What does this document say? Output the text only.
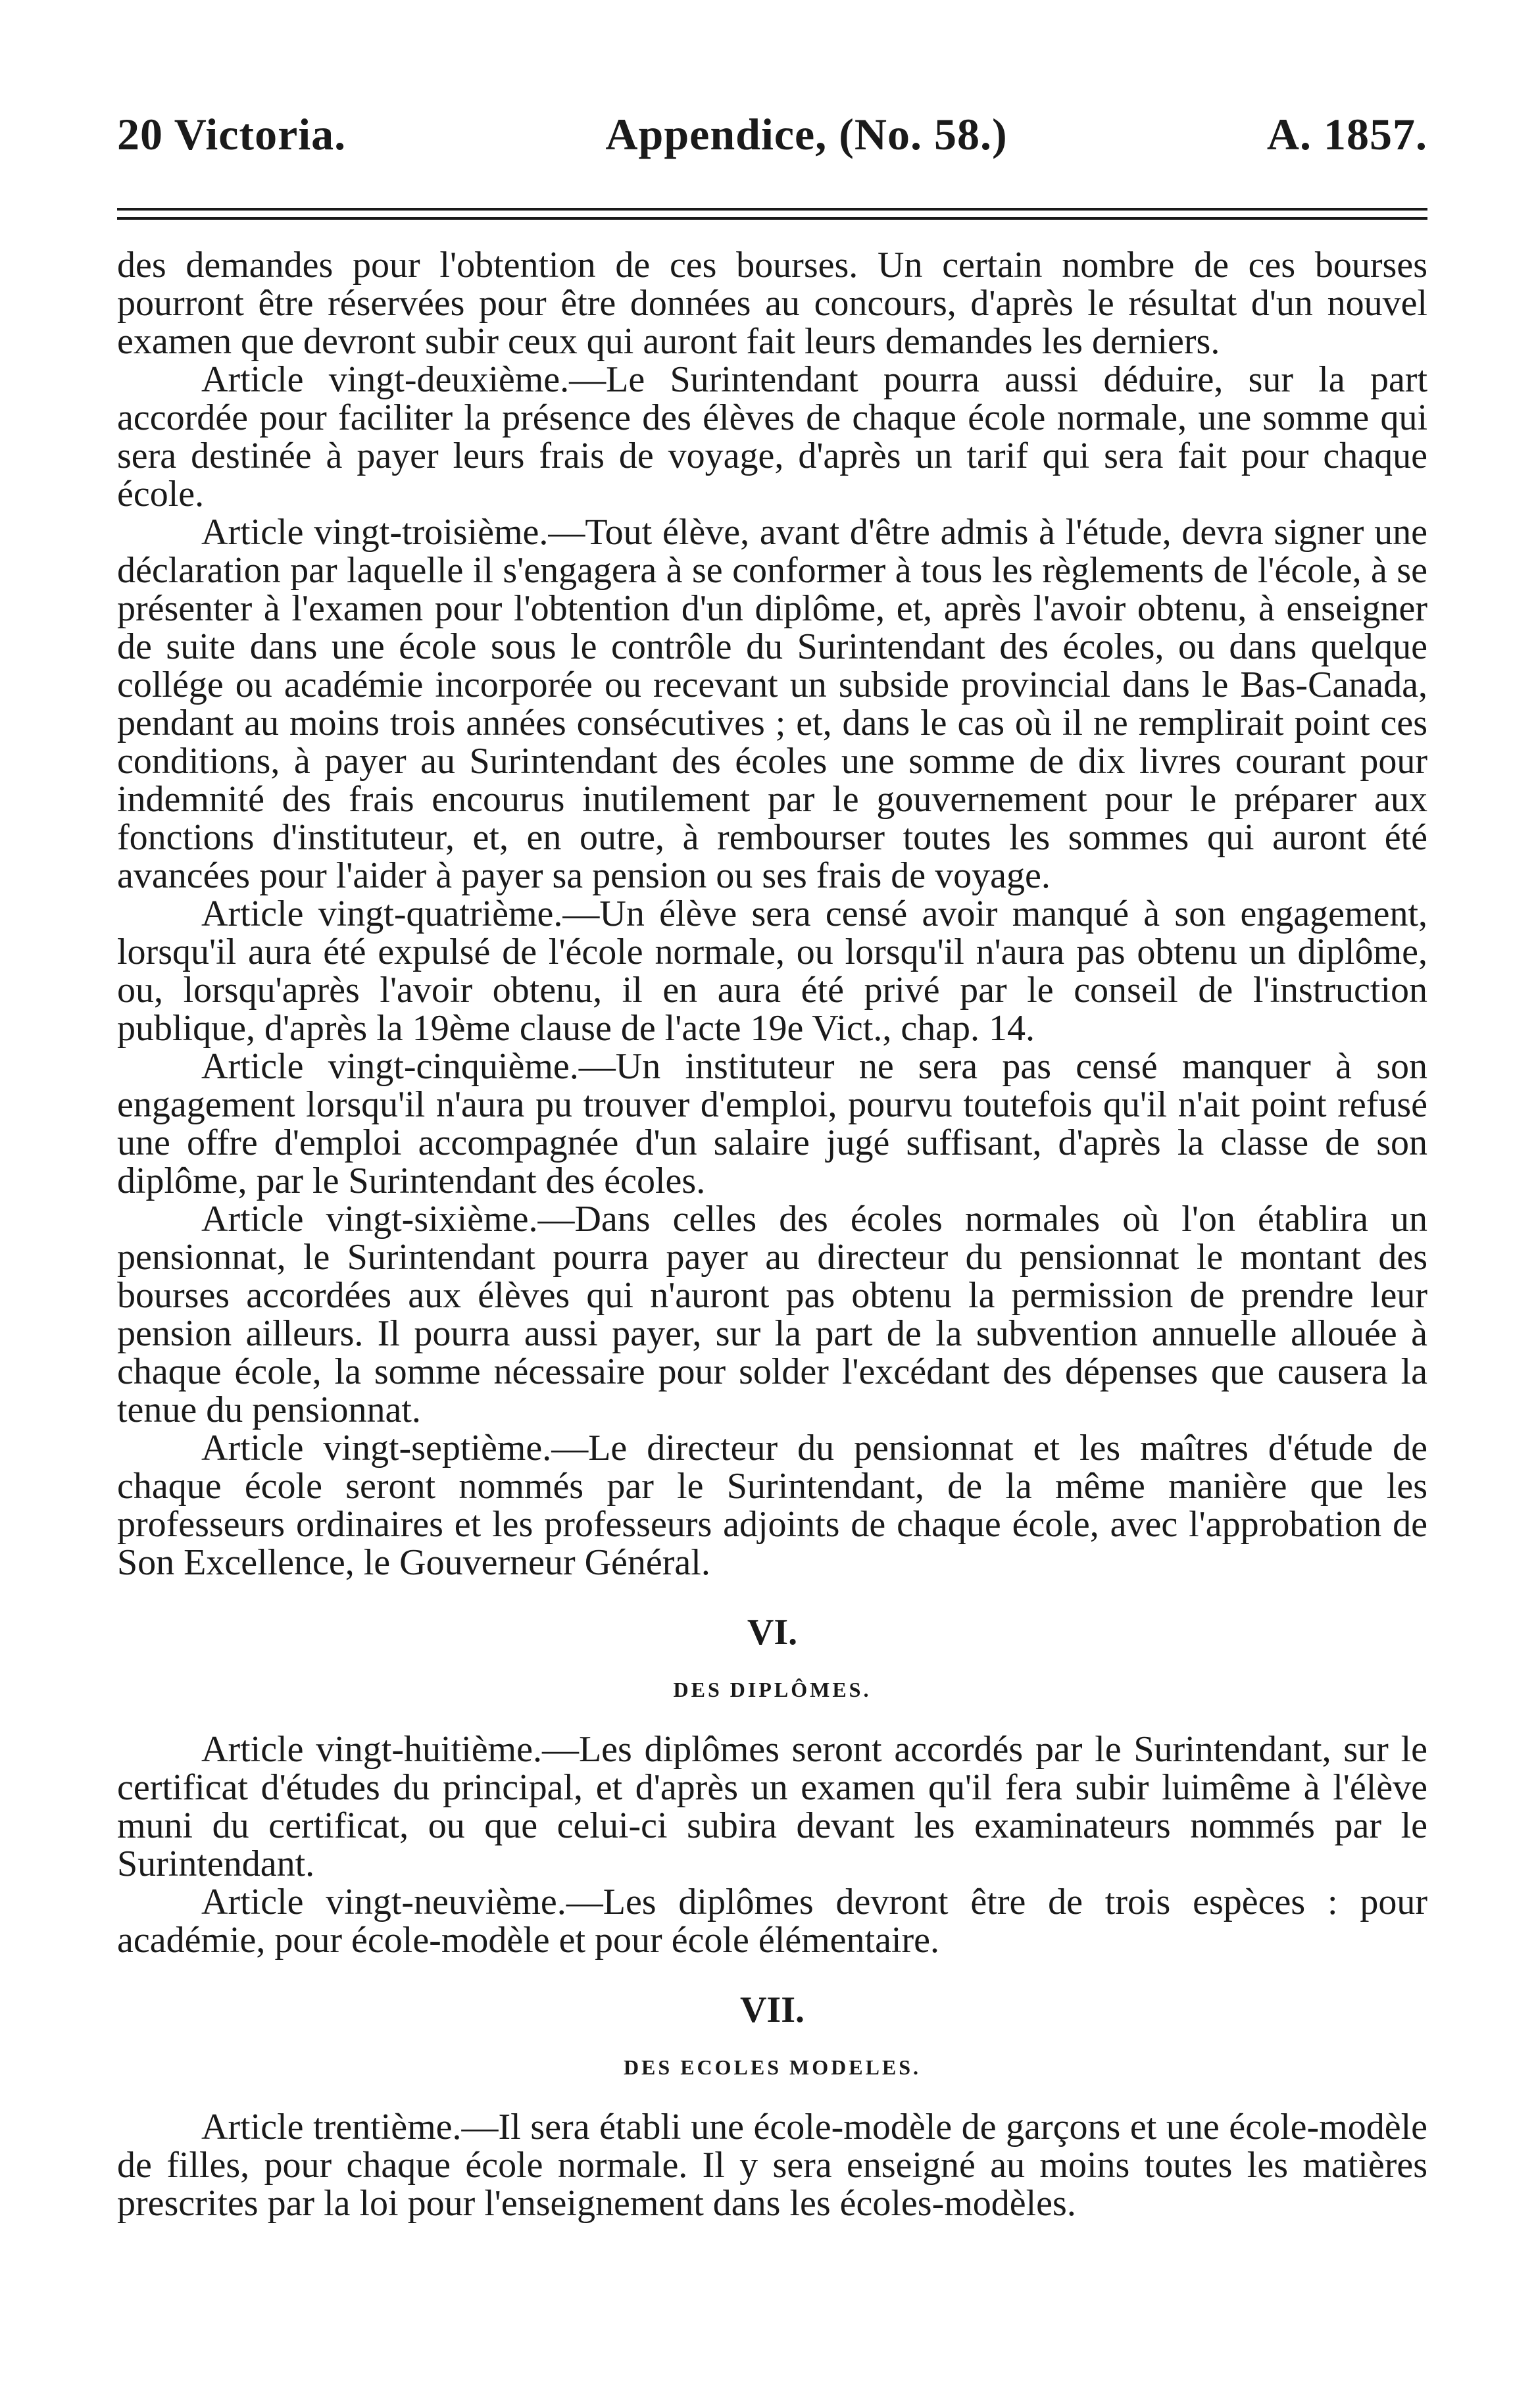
20 Victoria.	Appendice, (No. 58.)	A. 1857.

des demandes pour l'obtention de ces bourses. Un certain nombre de ces bourses pourront être réservées pour être données au concours, d'après le résultat d'un nouvel examen que devront subir ceux qui auront fait leurs demandes les derniers.

Article vingt-deuxième.—Le Surintendant pourra aussi déduire, sur la part accordée pour faciliter la présence des élèves de chaque école normale, une somme qui sera destinée à payer leurs frais de voyage, d'après un tarif qui sera fait pour chaque école.

Article vingt-troisième.—Tout élève, avant d'être admis à l'étude, devra signer une déclaration par laquelle il s'engagera à se conformer à tous les règlements de l'école, à se présenter à l'examen pour l'obtention d'un diplôme, et, après l'avoir obtenu, à enseigner de suite dans une école sous le contrôle du Surintendant des écoles, ou dans quelque collége ou académie incorporée ou recevant un subside provincial dans le Bas-Canada, pendant au moins trois années consécutives ; et, dans le cas où il ne remplirait point ces conditions, à payer au Surintendant des écoles une somme de dix livres courant pour indemnité des frais encourus inutilement par le gouvernement pour le préparer aux fonctions d'instituteur, et, en outre, à rembourser toutes les sommes qui auront été avancées pour l'aider à payer sa pension ou ses frais de voyage.

Article vingt-quatrième.—Un élève sera censé avoir manqué à son engagement, lorsqu'il aura été expulsé de l'école normale, ou lorsqu'il n'aura pas obtenu un diplôme, ou, lorsqu'après l'avoir obtenu, il en aura été privé par le conseil de l'instruction publique, d'après la 19ème clause de l'acte 19e Vict., chap. 14.

Article vingt-cinquième.—Un instituteur ne sera pas censé manquer à son engagement lorsqu'il n'aura pu trouver d'emploi, pourvu toutefois qu'il n'ait point refusé une offre d'emploi accompagnée d'un salaire jugé suffisant, d'après la classe de son diplôme, par le Surintendant des écoles.

Article vingt-sixième.—Dans celles des écoles normales où l'on établira un pensionnat, le Surintendant pourra payer au directeur du pensionnat le montant des bourses accordées aux élèves qui n'auront pas obtenu la permission de prendre leur pension ailleurs. Il pourra aussi payer, sur la part de la subvention annuelle allouée à chaque école, la somme nécessaire pour solder l'excédant des dépenses que causera la tenue du pensionnat.

Article vingt-septième.—Le directeur du pensionnat et les maîtres d'étude de chaque école seront nommés par le Surintendant, de la même manière que les professeurs ordinaires et les professeurs adjoints de chaque école, avec l'approbation de Son Excellence, le Gouverneur Général.

VI.
DES DIPLÔMES.

Article vingt-huitième.—Les diplômes seront accordés par le Surintendant, sur le certificat d'études du principal, et d'après un examen qu'il fera subir luimême à l'élève muni du certificat, ou que celui-ci subira devant les examinateurs nommés par le Surintendant.

Article vingt-neuvième.—Les diplômes devront être de trois espèces : pour académie, pour école-modèle et pour école élémentaire.

VII.
DES ECOLES MODELES.

Article trentième.—Il sera établi une école-modèle de garçons et une école-modèle de filles, pour chaque école normale. Il y sera enseigné au moins toutes les matières prescrites par la loi pour l'enseignement dans les écoles-modèles.
